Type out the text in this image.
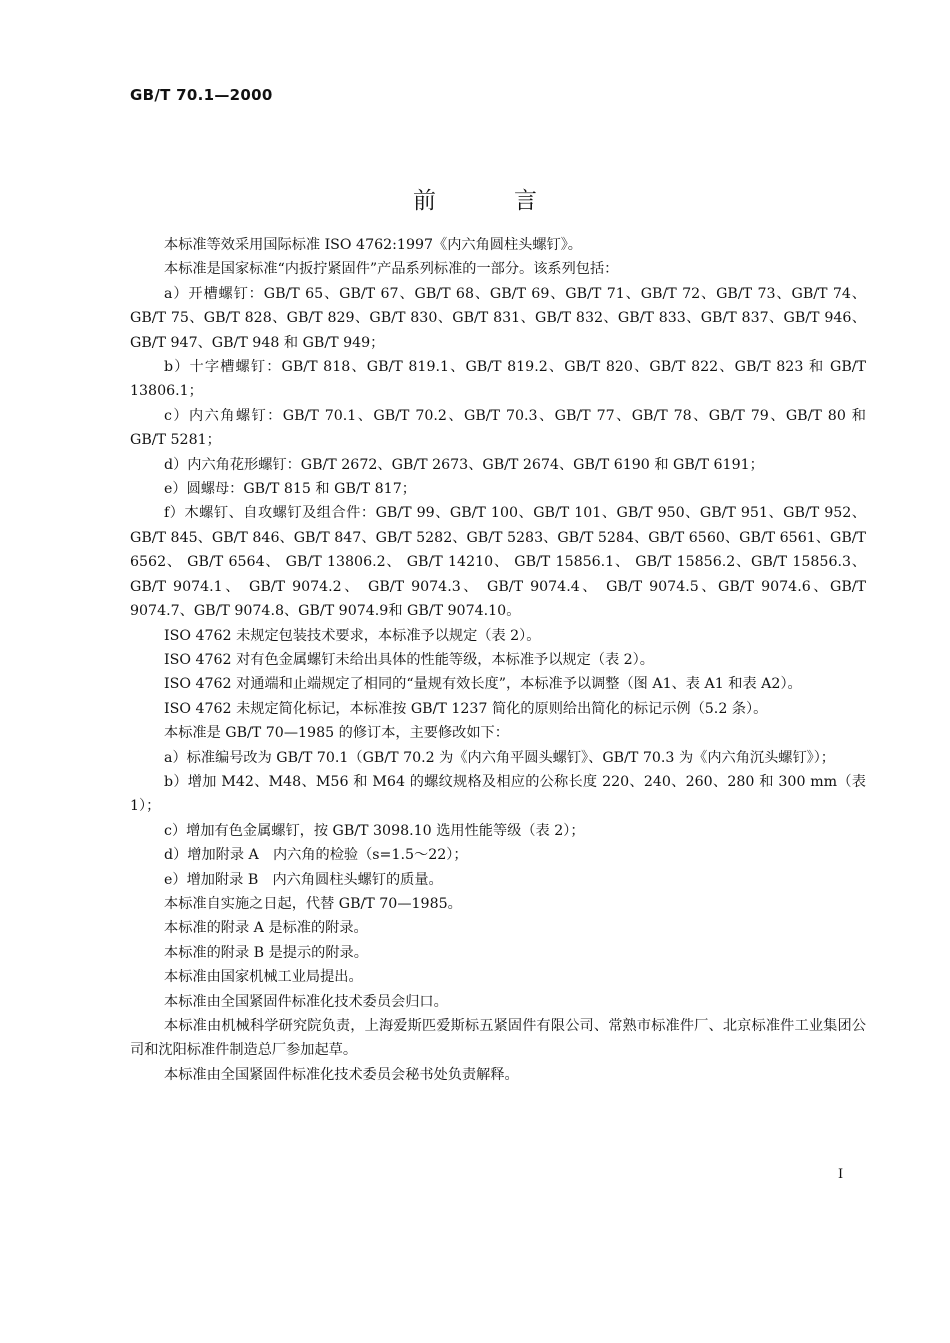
GB/T 70.1—2000
前言

本标准等效采用国际标准 ISO 4762:1997《内六角圆柱头螺钉》。

本标准是国家标准“内扳拧紧固件”产品系列标准的一部分。该系列包括：

a）开槽螺钉：GB/T 65、GB/T 67、GB/T 68、GB/T 69、GB/T 71、GB/T 72、GB/T 73、GB/T 74、GB/T 75、GB/T 828、GB/T 829、GB/T 830、GB/T 831、GB/T 832、GB/T 833、GB/T 837、GB/T 946、GB/T 947、GB/T 948 和 GB/T 949；

b）十字槽螺钉：GB/T 818、GB/T 819.1、GB/T 819.2、GB/T 820、GB/T 822、GB/T 823 和 GB/T 13806.1；

c）内六角螺钉：GB/T 70.1、GB/T 70.2、GB/T 70.3、GB/T 77、GB/T 78、GB/T 79、GB/T 80 和 GB/T 5281；

d）内六角花形螺钉：GB/T 2672、GB/T 2673、GB/T 2674、GB/T 6190 和 GB/T 6191；

e）圆螺母：GB/T 815 和 GB/T 817；

f）木螺钉、自攻螺钉及组合件：GB/T 99、GB/T 100、GB/T 101、GB/T 950、GB/T 951、GB/T 952、GB/T 845、GB/T 846、GB/T 847、GB/T 5282、GB/T 5283、GB/T 5284、GB/T 6560、GB/T 6561、GB/T 6562、 GB/T 6564、 GB/T 13806.2、 GB/T 14210、 GB/T 15856.1、 GB/T 15856.2、GB/T 15856.3、 GB/T 9074.1、 GB/T 9074.2、 GB/T 9074.3、 GB/T 9074.4、 GB/T 9074.5、GB/T 9074.6、GB/T 9074.7、GB/T 9074.8、GB/T 9074.9和 GB/T 9074.10。

ISO 4762 未规定包装技术要求，本标准予以规定（表 2）。

ISO 4762 对有色金属螺钉未给出具体的性能等级，本标准予以规定（表 2）。

ISO 4762 对通端和止端规定了相同的“量规有效长度”，本标准予以调整（图 A1、表 A1 和表 A2）。

ISO 4762 未规定简化标记，本标准按 GB/T 1237 简化的原则给出简化的标记示例（5.2 条）。

本标准是 GB/T 70—1985 的修订本，主要修改如下：

a）标准编号改为 GB/T 70.1（GB/T 70.2 为《内六角平圆头螺钉》、GB/T 70.3 为《内六角沉头螺钉》）；

b）增加 M42、M48、M56 和 M64 的螺纹规格及相应的公称长度 220、240、260、280 和 300 mm（表 1）；

c）增加有色金属螺钉，按 GB/T 3098.10 选用性能等级（表 2）；

d）增加附录 A　内六角的检验（s=1.5～22）；

e）增加附录 B　内六角圆柱头螺钉的质量。

本标准自实施之日起，代替 GB/T 70—1985。

本标准的附录 A 是标准的附录。

本标准的附录 B 是提示的附录。

本标准由国家机械工业局提出。

本标准由全国紧固件标准化技术委员会归口。

本标准由机械科学研究院负责，上海爱斯匹爱斯标五紧固件有限公司、常熟市标准件厂、北京标准件工业集团公司和沈阳标准件制造总厂参加起草。

本标准由全国紧固件标准化技术委员会秘书处负责解释。

I
